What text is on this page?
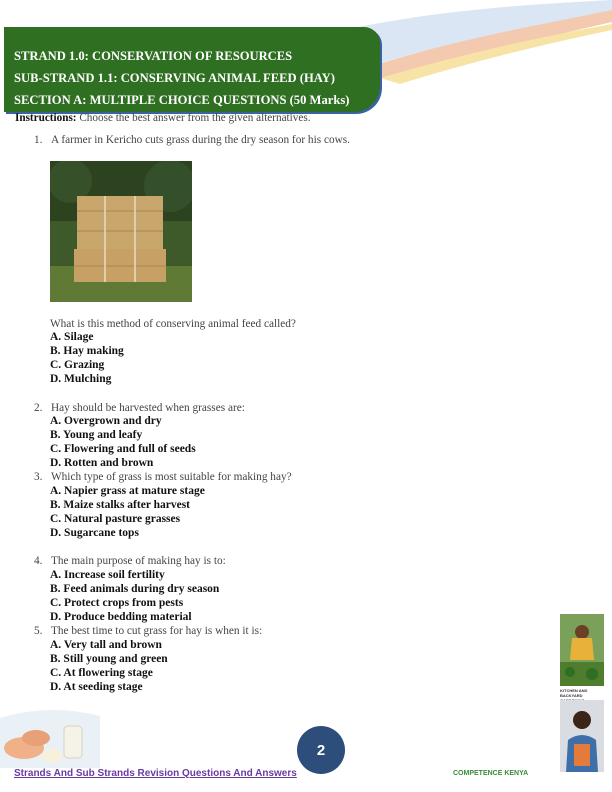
STRAND 1.0: CONSERVATION OF RESOURCES
SUB-STRAND 1.1: CONSERVING ANIMAL FEED (HAY)
SECTION A: MULTIPLE CHOICE QUESTIONS (50 Marks)
Instructions: Choose the best answer from the given alternatives.
1. A farmer in Kericho cuts grass during the dry season for his cows.
What is this method of conserving animal feed called?
A. Silage
B. Hay making
C. Grazing
D. Mulching
2. Hay should be harvested when grasses are:
A. Overgrown and dry
B. Young and leafy
C. Flowering and full of seeds
D. Rotten and brown
3. Which type of grass is most suitable for making hay?
A. Napier grass at mature stage
B. Maize stalks after harvest
C. Natural pasture grasses
D. Sugarcane tops
4. The main purpose of making hay is to:
A. Increase soil fertility
B. Feed animals during dry season
C. Protect crops from pests
D. Produce bedding material
5. The best time to cut grass for hay is when it is:
A. Very tall and brown
B. Still young and green
C. At flowering stage
D. At seeding stage	KITCHEN AND BACKYARD
2
Strands And Sub Strands Revision Questions And Answers	COMPETENCE KENYA
